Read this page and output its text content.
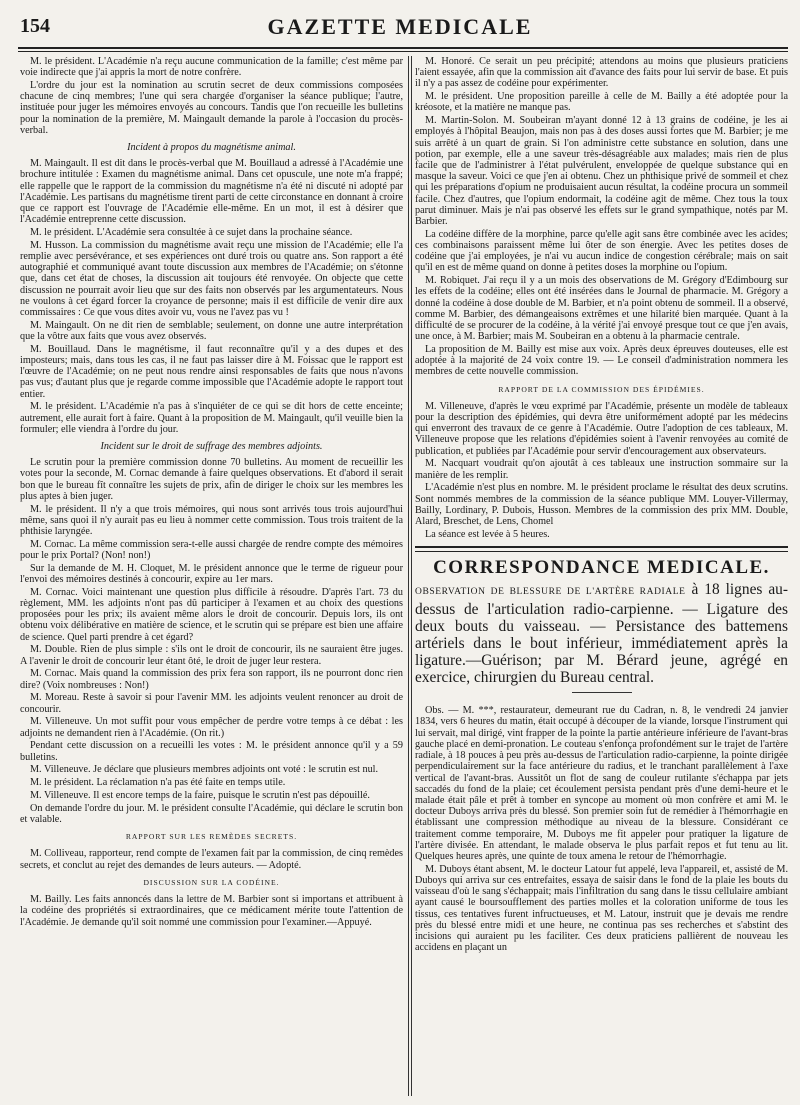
154	GAZETTE MEDICALE

M. le président. L'Académie n'a reçu aucune communication de la famille; c'est même par voie indirecte que j'ai appris la mort de notre confrère.

L'ordre du jour est la nomination au scrutin secret de deux commissions composées chacune de cinq membres; l'une qui sera chargée d'organiser la séance publique; l'autre, instituée pour juger les mémoires envoyés au concours. Tandis que l'on recueille les bulletins pour la nomination de la première, M. Maingault demande la parole à l'occasion du procès-verbal.

Incident à propos du magnétisme animal.

M. Maingault. Il est dit dans le procès-verbal que M. Bouillaud a adressé à l'Académie une brochure intitulée : Examen du magnétisme animal. Dans cet opuscule, une note m'a frappé; elle rappelle que le rapport de la commission du magnétisme n'a été ni discuté ni adopté par l'Académie. Les partisans du magnétisme tirent parti de cette circonstance en donnant à croire que ce rapport est l'ouvrage de l'Académie elle-même. En un mot, il est à désirer que l'Académie entreprenne cette discussion.

M. le président. L'Académie sera consultée à ce sujet dans la prochaine séance.

M. Husson. La commission du magnétisme avait reçu une mission de l'Académie; elle l'a remplie avec persévérance, et ses expériences ont duré trois ou quatre ans. Son rapport a été autographié et communiqué avant toute discussion aux membres de l'Académie; on s'étonne que, dans cet état de choses, la discussion ait toujours été renvoyée. On objecte que cette discussion ne pourrait avoir lieu que sur des faits non observés par les argumentateurs. Nous ne voulons à cet égard forcer la croyance de personne; mais il est difficile de venir dire aux commissaires : Ce que vous dites avoir vu, vous ne l'avez pas vu !

M. Maingault. On ne dit rien de semblable; seulement, on donne une autre interprétation que la vôtre aux faits que vous avez observés.

M. Bouillaud. Dans le magnétisme, il faut reconnaître qu'il y a des dupes et des imposteurs; mais, dans tous les cas, il ne faut pas laisser dire à M. Foissac que le rapport est l'œuvre de l'Académie; on ne peut nous rendre ainsi responsables de faits que nous n'avons pas vus; d'autant plus que je regarde comme impossible que l'Académie adopte le rapport tout entier.

M. le président. L'Académie n'a pas à s'inquiéter de ce qui se dit hors de cette enceinte; autrement, elle aurait fort à faire. Quant à la proposition de M. Maingault, qu'il veuille bien la formuler; elle viendra à l'ordre du jour.

Incident sur le droit de suffrage des membres adjoints.

Le scrutin pour la première commission donne 70 bulletins. Au moment de recueillir les votes pour la seconde, M. Cornac demande à faire quelques observations. Et d'abord il serait bon que le bureau fît connaître les sujets de prix, afin de diriger le choix sur les membres les plus aptes à bien juger.

M. le président. Il n'y a que trois mémoires, qui nous sont arrivés tous trois aujourd'hui même, sans quoi il n'y aurait pas eu lieu à nommer cette commission. Tous trois traitent de la phthisie laryngée.

M. Cornac. La même commission sera-t-elle aussi chargée de rendre compte des mémoires pour le prix Portal? (Non! non!)

Sur la demande de M. H. Cloquet, M. le président annonce que le terme de rigueur pour l'envoi des mémoires destinés à concourir, expire au 1er mars.

M. Cornac. Voici maintenant une question plus difficile à résoudre. D'après l'art. 73 du règlement, MM. les adjoints n'ont pas dû participer à l'examen et au choix des questions proposées pour les prix; ils avaient même alors le droit de concourir. Depuis lors, ils ont obtenu voix délibérative en matière de science, et le scrutin qui se prépare est bien une affaire de science. Quel parti prendre à cet égard?

M. Double. Rien de plus simple : s'ils ont le droit de concourir, ils ne sauraient être juges. A l'avenir le droit de concourir leur étant ôté, le droit de juger leur restera.

M. Cornac. Mais quand la commission des prix fera son rapport, ils ne pourront donc rien dire? (Voix nombreuses : Non!)

M. Moreau. Reste à savoir si pour l'avenir MM. les adjoints veulent renoncer au droit de concourir.

M. Villeneuve. Un mot suffit pour vous empêcher de perdre votre temps à ce débat : les adjoints ne demandent rien à l'Académie. (On rit.)

Pendant cette discussion on a recueilli les votes : M. le président annonce qu'il y a 59 bulletins.

M. Villeneuve. Je déclare que plusieurs membres adjoints ont voté : le scrutin est nul.

M. le président. La réclamation n'a pas été faite en temps utile.

M. Villeneuve. Il est encore temps de la faire, puisque le scrutin n'est pas dépouillé.

On demande l'ordre du jour. M. le président consulte l'Académie, qui déclare le scrutin bon et valable.

RAPPORT SUR LES REMÈDES SECRETS.

M. Colliveau, rapporteur, rend compte de l'examen fait par la commission, de cinq remèdes secrets, et conclut au rejet des demandes de leurs auteurs. — Adopté.

DISCUSSION SUR LA CODÉINE.

M. Bailly. Les faits annoncés dans la lettre de M. Barbier sont si importans et attribuent à la codéine des propriétés si extraordinaires, que ce médicament mérite toute l'attention de l'Académie. Je demande qu'il soit nommé une commission pour l'examiner.—Appuyé.

M. Honoré. Ce serait un peu précipité; attendons au moins que plusieurs praticiens l'aient essayée, afin que la commission ait d'avance des faits pour lui servir de base. Et puis il n'y a pas assez de codéine pour expérimenter.

M. le président. Une proposition pareille à celle de M. Bailly a été adoptée pour la kréosote, et la matière ne manque pas.

M. Martin-Solon. M. Soubeiran m'ayant donné 12 à 13 grains de codéine, je les ai employés à l'hôpital Beaujon, mais non pas à des doses aussi fortes que M. Barbier; je me suis arrêté à un quart de grain. Si l'on administre cette substance en solution, dans une potion, par exemple, elle a une saveur très-désagréable aux malades; mais rien de plus facile que de l'administrer à l'état pulvérulent, enveloppée de quelque substance qui en masque la saveur. Voici ce que j'en ai obtenu. Chez un phthisique privé de sommeil et chez qui les préparations d'opium ne produisaient aucun résultat, la codéine procura un sommeil facile. Chez d'autres, que l'opium endormait, la codéine agit de même. Chez tous la toux parut diminuer. Mais je n'ai pas observé les effets sur le grand sympathique, notés par M. Barbier.

La codéine diffère de la morphine, parce qu'elle agit sans être combinée avec les acides; ces combinaisons paraissent même lui ôter de son énergie. Avec les petites doses de codéine que j'ai employées, je n'ai vu aucun indice de congestion cérébrale; mais on sait qu'il en est de même quand on donne à petites doses la morphine ou l'opium.

M. Robiquet. J'ai reçu il y a un mois des observations de M. Grégory d'Edimbourg sur les effets de la codéine; elles ont été insérées dans le Journal de pharmacie. M. Grégory a donné la codéine à dose double de M. Barbier, et n'a point obtenu de sommeil. Il a observé, comme M. Barbier, des démangeaisons extrêmes et une hilarité bien marquée. Quant à la difficulté de se procurer de la codéine, à la vérité j'ai envoyé presque tout ce que j'en avais, une once, à M. Barbier; mais M. Soubeiran en a obtenu à la pharmacie centrale.

La proposition de M. Bailly est mise aux voix. Après deux épreuves douteuses, elle est adoptée à la majorité de 24 voix contre 19. — Le conseil d'administration nommera les membres de cette nouvelle commission.

RAPPORT DE LA COMMISSION DES ÉPIDÉMIES.

M. Villeneuve, d'après le vœu exprimé par l'Académie, présente un modèle de tableaux pour la description des épidémies, qui devra être uniformément adopté par les médecins qui enverront des travaux de ce genre à l'Académie. Outre l'adoption de ces tableaux, M. Villeneuve propose que les relations d'épidémies soient à l'avenir renvoyées au comité de publication, et publiées par l'Académie pour servir d'encouragement aux observateurs.

M. Nacquart voudrait qu'on ajoutât à ces tableaux une instruction sommaire sur la manière de les remplir.

L'Académie n'est plus en nombre. M. le président proclame le résultat des deux scrutins. Sont nommés membres de la commission de la séance publique MM. Louyer-Villermay, Bailly, Lordinary, P. Dubois, Husson. Membres de la commission des prix MM. Double, Alard, Breschet, de Lens, Chomel

La séance est levée à 5 heures.

CORRESPONDANCE MEDICALE.

OBSERVATION DE BLESSURE DE L'ARTÈRE RADIALE à 18 lignes au-dessus de l'articulation radio-carpienne. — Ligature des deux bouts du vaisseau. — Persistance des battemens artériels dans le bout inférieur, immédiatement après la ligature.—Guérison; par M. Bérard jeune, agrégé en exercice, chirurgien du Bureau central.

Obs. — M. ***, restaurateur, demeurant rue du Cadran, n. 8, le vendredi 24 janvier 1834, vers 6 heures du matin, était occupé à découper de la viande, lorsque l'instrument qui lui servait, mal dirigé, vint frapper de la pointe la partie antérieure inférieure de l'avant-bras gauche placé en demi-pronation. Le couteau s'enfonça profondément sur le trajet de l'artère radiale, à 18 pouces à peu près au-dessus de l'articulation radio-carpienne, la pointe dirigée perpendiculairement sur la face antérieure du radius, et le tranchant parallèlement à l'axe vertical de l'avant-bras. Aussitôt un flot de sang de couleur rutilante s'échappa par jets saccadés du fond de la plaie; cet écoulement persista pendant près d'une demi-heure et le malade était pâle et prêt à tomber en syncope au moment où mon confrère et ami M. le docteur Duboys arriva près du blessé. Son premier soin fut de remédier à l'hémorrhagie en établissant une compression méthodique au niveau de la blessure. Considérant ce traitement comme temporaire, M. Duboys me fit appeler pour pratiquer la ligature de l'artère divisée. En attendant, le malade observa le plus parfait repos et fut tenu au lit. Quelques heures après, une quinte de toux amena le retour de l'hémorrhagie.

M. Duboys étant absent, M. le docteur Latour fut appelé, leva l'appareil, et, assisté de M. Duboys qui arriva sur ces entrefaites, essaya de saisir dans le fond de la plaie les bouts du vaisseau d'où le sang s'échappait; mais l'infiltration du sang dans le tissu cellulaire ambiant ayant causé le boursoufflement des parties molles et la coloration uniforme de tous les tissus, ces tentatives furent infructueuses, et M. Latour, instruit que je devais me rendre près du blessé entre midi et une heure, ne continua pas ses recherches et s'abstint des incisions qui auraient pu les faciliter. Ces deux praticiens pallièrent de nouveau les accidens en plaçant un
